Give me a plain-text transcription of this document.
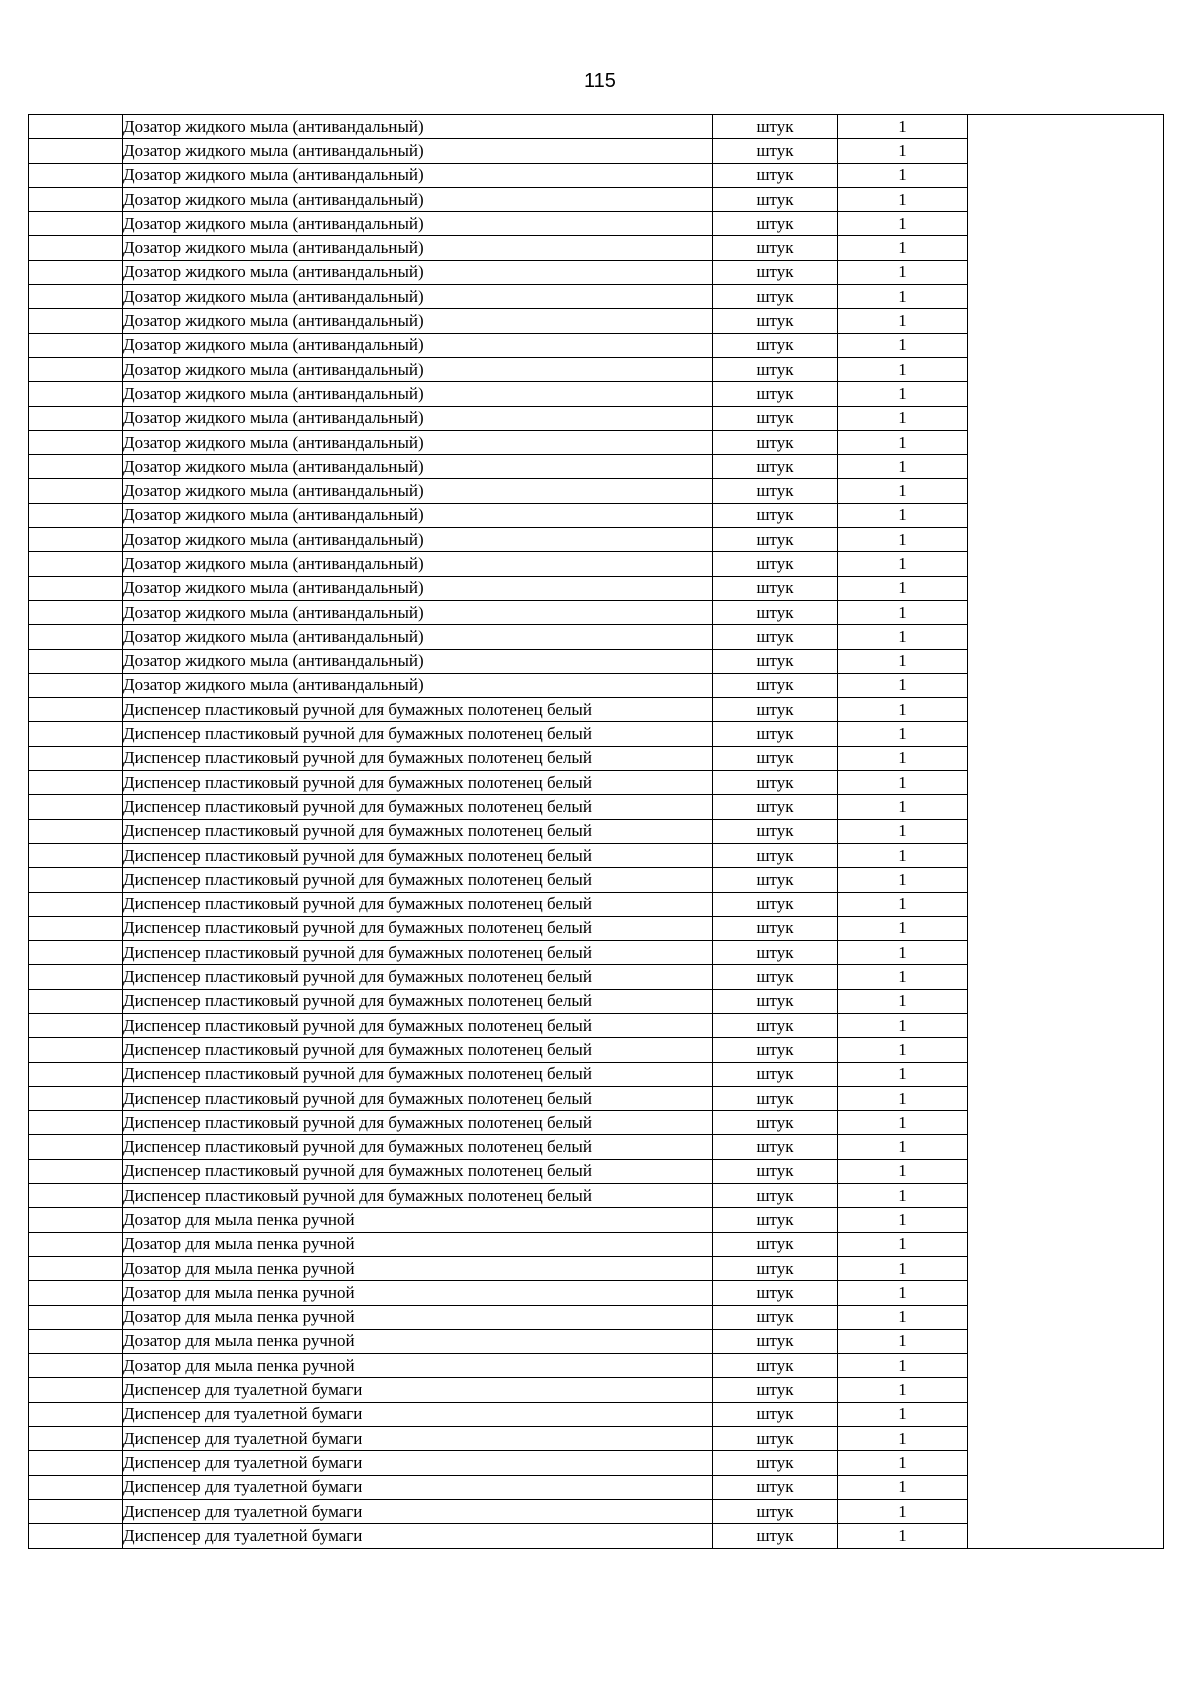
115
	Дозатор жидкого мыла (антивандальный)	штук	1	
	Дозатор жидкого мыла (антивандальный)	штук	1	
	Дозатор жидкого мыла (антивандальный)	штук	1	
	Дозатор жидкого мыла (антивандальный)	штук	1	
	Дозатор жидкого мыла (антивандальный)	штук	1	
	Дозатор жидкого мыла (антивандальный)	штук	1	
	Дозатор жидкого мыла (антивандальный)	штук	1	
	Дозатор жидкого мыла (антивандальный)	штук	1	
	Дозатор жидкого мыла (антивандальный)	штук	1	
	Дозатор жидкого мыла (антивандальный)	штук	1	
	Дозатор жидкого мыла (антивандальный)	штук	1	
	Дозатор жидкого мыла (антивандальный)	штук	1	
	Дозатор жидкого мыла (антивандальный)	штук	1	
	Дозатор жидкого мыла (антивандальный)	штук	1	
	Дозатор жидкого мыла (антивандальный)	штук	1	
	Дозатор жидкого мыла (антивандальный)	штук	1	
	Дозатор жидкого мыла (антивандальный)	штук	1	
	Дозатор жидкого мыла (антивандальный)	штук	1	
	Дозатор жидкого мыла (антивандальный)	штук	1	
	Дозатор жидкого мыла (антивандальный)	штук	1	
	Дозатор жидкого мыла (антивандальный)	штук	1	
	Дозатор жидкого мыла (антивандальный)	штук	1	
	Дозатор жидкого мыла (антивандальный)	штук	1	
	Дозатор жидкого мыла (антивандальный)	штук	1	
	Диспенсер пластиковый ручной для бумажных полотенец белый	штук	1	
	Диспенсер пластиковый ручной для бумажных полотенец белый	штук	1	
	Диспенсер пластиковый ручной для бумажных полотенец белый	штук	1	
	Диспенсер пластиковый ручной для бумажных полотенец белый	штук	1	
	Диспенсер пластиковый ручной для бумажных полотенец белый	штук	1	
	Диспенсер пластиковый ручной для бумажных полотенец белый	штук	1	
	Диспенсер пластиковый ручной для бумажных полотенец белый	штук	1	
	Диспенсер пластиковый ручной для бумажных полотенец белый	штук	1	
	Диспенсер пластиковый ручной для бумажных полотенец белый	штук	1	
	Диспенсер пластиковый ручной для бумажных полотенец белый	штук	1	
	Диспенсер пластиковый ручной для бумажных полотенец белый	штук	1	
	Диспенсер пластиковый ручной для бумажных полотенец белый	штук	1	
	Диспенсер пластиковый ручной для бумажных полотенец белый	штук	1	
	Диспенсер пластиковый ручной для бумажных полотенец белый	штук	1	
	Диспенсер пластиковый ручной для бумажных полотенец белый	штук	1	
	Диспенсер пластиковый ручной для бумажных полотенец белый	штук	1	
	Диспенсер пластиковый ручной для бумажных полотенец белый	штук	1	
	Диспенсер пластиковый ручной для бумажных полотенец белый	штук	1	
	Диспенсер пластиковый ручной для бумажных полотенец белый	штук	1	
	Диспенсер пластиковый ручной для бумажных полотенец белый	штук	1	
	Диспенсер пластиковый ручной для бумажных полотенец белый	штук	1	
	Дозатор для мыла пенка ручной	штук	1	
	Дозатор для мыла пенка ручной	штук	1	
	Дозатор для мыла пенка ручной	штук	1	
	Дозатор для мыла пенка ручной	штук	1	
	Дозатор для мыла пенка ручной	штук	1	
	Дозатор для мыла пенка ручной	штук	1	
	Дозатор для мыла пенка ручной	штук	1	
	Диспенсер для туалетной бумаги	штук	1	
	Диспенсер для туалетной бумаги	штук	1	
	Диспенсер для туалетной бумаги	штук	1	
	Диспенсер для туалетной бумаги	штук	1	
	Диспенсер для туалетной бумаги	штук	1	
	Диспенсер для туалетной бумаги	штук	1	
	Диспенсер для туалетной бумаги	штук	1	
